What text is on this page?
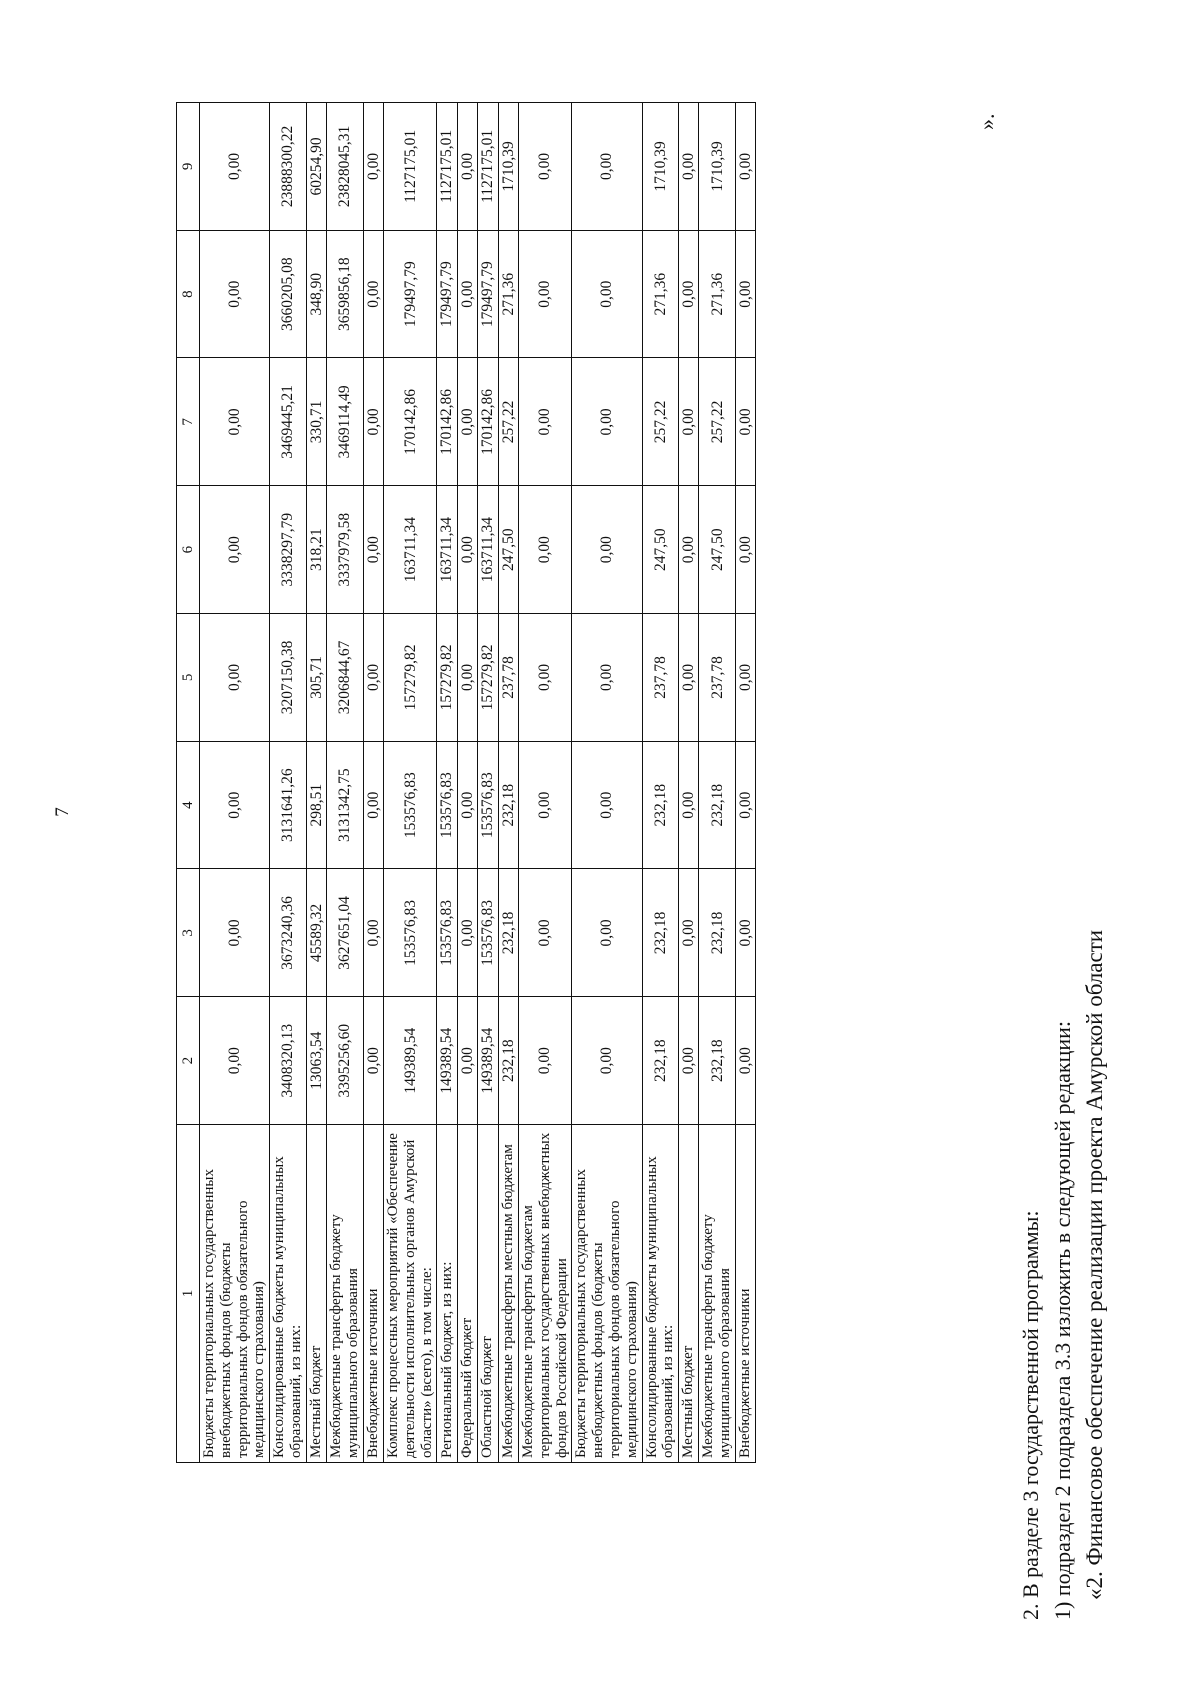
7
1	2	3	4	5	6	7	8	9
Бюджеты территориальных государственных внебюджетных фондов (бюджеты территориальных фондов обязательного медицинского страхования)	0,00	0,00	0,00	0,00	0,00	0,00	0,00	0,00
Консолидированные бюджеты муниципальных образований, из них:	3408320,13	3673240,36	3131641,26	3207150,38	3338297,79	3469445,21	3660205,08	23888300,22
Местный бюджет	13063,54	45589,32	298,51	305,71	318,21	330,71	348,90	60254,90
Межбюджетные трансферты бюджету муниципального образования	3395256,60	3627651,04	3131342,75	3206844,67	3337979,58	3469114,49	3659856,18	23828045,31
Внебюджетные источники	0,00	0,00	0,00	0,00	0,00	0,00	0,00	0,00
Комплекс процессных мероприятий «Обеспечение деятельности исполнительных органов Амурской области» (всего), в том числе:	149389,54	153576,83	153576,83	157279,82	163711,34	170142,86	179497,79	1127175,01
Региональный бюджет, из них:	149389,54	153576,83	153576,83	157279,82	163711,34	170142,86	179497,79	1127175,01
Федеральный бюджет	0,00	0,00	0,00	0,00	0,00	0,00	0,00	0,00
Областной бюджет	149389,54	153576,83	153576,83	157279,82	163711,34	170142,86	179497,79	1127175,01
Межбюджетные трансферты местным бюджетам	232,18	232,18	232,18	237,78	247,50	257,22	271,36	1710,39
Межбюджетные трансферты бюджетам территориальных государственных внебюджетных фондов Российской Федерации	0,00	0,00	0,00	0,00	0,00	0,00	0,00	0,00
Бюджеты территориальных государственных внебюджетных фондов (бюджеты территориальных фондов обязательного медицинского страхования)	0,00	0,00	0,00	0,00	0,00	0,00	0,00	0,00
Консолидированные бюджеты муниципальных образований, из них:	232,18	232,18	232,18	237,78	247,50	257,22	271,36	1710,39
Местный бюджет	0,00	0,00	0,00	0,00	0,00	0,00	0,00	0,00
Межбюджетные трансферты бюджету муниципального образования	232,18	232,18	232,18	237,78	247,50	257,22	271,36	1710,39
Внебюджетные источники	0,00	0,00	0,00	0,00	0,00	0,00	0,00	0,00
».

2. В разделе 3 государственной программы: 1) подраздел 2 подраздела 3.3 изложить в следующей редакции: «2. Финансовое обеспечение реализации проекта Амурской области
